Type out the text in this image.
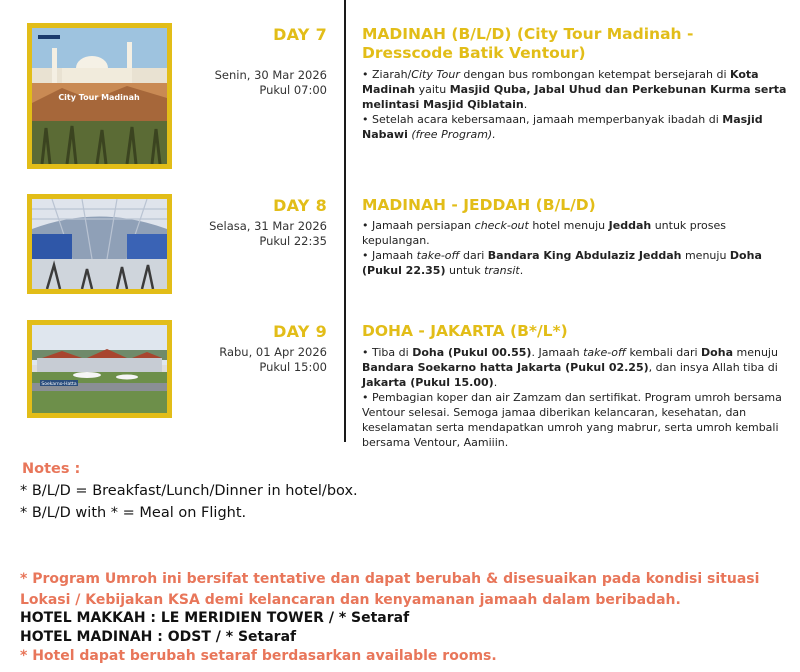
City Tour Madinah
DAY 7
Senin, 30 Mar 2026
Pukul 07:00
MADINAH (B/L/D) (City Tour Madinah - Dresscode Batik Ventour)

• Ziarah/City Tour dengan bus rombongan ketempat bersejarah di Kota Madinah yaitu Masjid Quba, Jabal Uhud dan Perkebunan Kurma serta melintasi Masjid Qiblatain.

• Setelah acara kebersamaan, jamaah memperbanyak ibadah di Masjid Nabawi (free Program).

DAY 8
Selasa, 31 Mar 2026
Pukul 22:35
MADINAH - JEDDAH (B/L/D)

• Jamaah persiapan check-out hotel menuju Jeddah untuk proses kepulangan.

• Jamaah take-off dari Bandara King Abdulaziz Jeddah menuju Doha (Pukul 22.35) untuk transit.

Soekarno-Hatta
DAY 9
Rabu, 01 Apr 2026
Pukul 15:00
DOHA - JAKARTA (B*/L*)

• Tiba di Doha (Pukul 00.55). Jamaah take-off kembali dari Doha menuju Bandara Soekarno hatta Jakarta (Pukul 02.25), dan insya Allah tiba di Jakarta (Pukul 15.00).

• Pembagian koper dan air Zamzam dan sertifikat. Program umroh bersama Ventour selesai. Semoga jamaa diberikan kelancaran, kesehatan, dan keselamatan serta mendapatkan umroh yang mabrur, serta umroh kembali bersama Ventour, Aamiiin.

Notes :
* B/L/D = Breakfast/Lunch/Dinner in hotel/box.
* B/L/D with * = Meal on Flight.
* Program Umroh ini bersifat tentative dan dapat berubah & disesuaikan pada kondisi situasi Lokasi / Kebijakan KSA demi kelancaran dan kenyamanan jamaah dalam beribadah.
HOTEL MAKKAH : LE MERIDIEN TOWER / * Setaraf
HOTEL MADINAH : ODST / * Setaraf
* Hotel dapat berubah setaraf berdasarkan available rooms.
